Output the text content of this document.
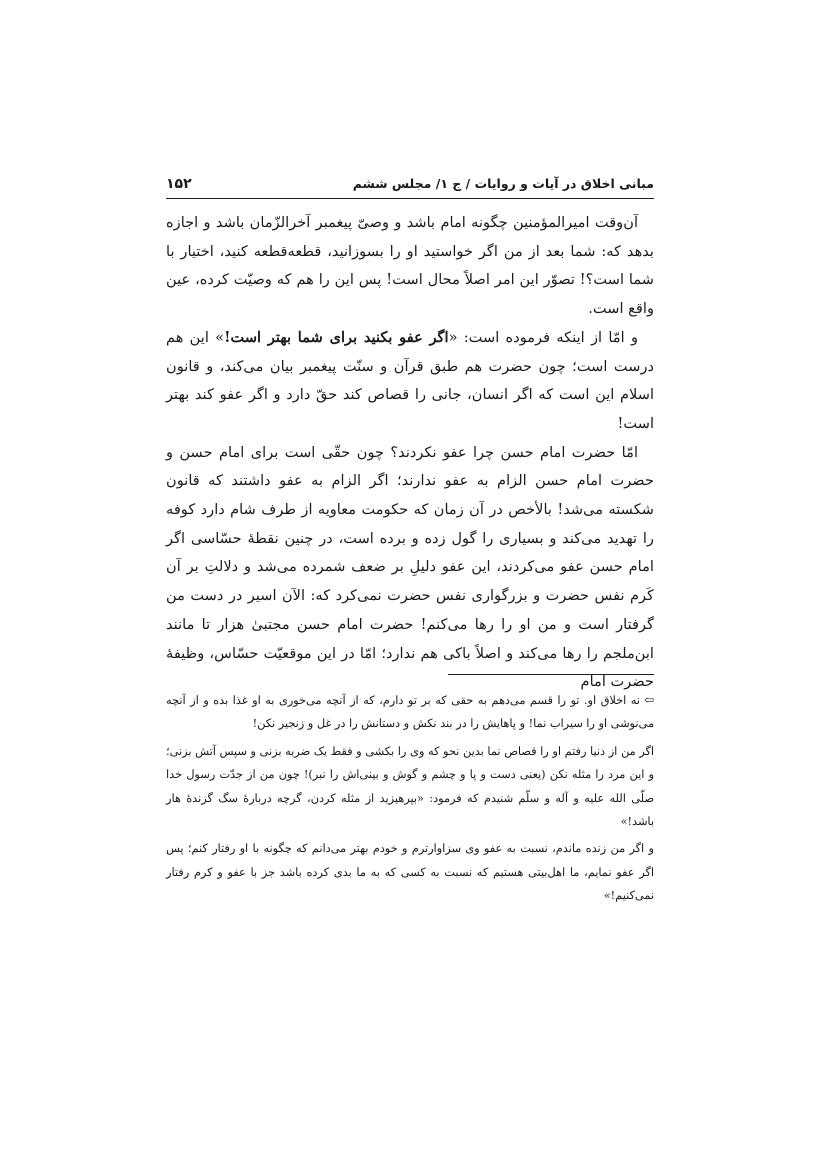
۱۵۲	مبانی اخلاق در آیات و روایات / ج ۱/ مجلس ششم

آن‌وقت امیرالمؤمنین چگونه امام باشد و وصیّ پیغمبر آخرالزّمان باشد و اجازه بدهد که: شما بعد از من اگر خواستید او را بسوزانید، قطعه‌قطعه کنید، اختیار با شما است؟! تصوّر این امر اصلاً محال است! پس این را هم که وصیّت کرده، عین واقع است.

و امّا از اینکه فرموده است: «اگر عفو بکنید برای شما بهتر است!» این هم درست است؛ چون حضرت هم طبق قرآن و سنّت پیغمبر بیان می‌کند، و قانون اسلام این است که اگر انسان، جانی را قصاص کند حقّ دارد و اگر عفو کند بهتر است!

امّا حضرت امام حسن چرا عفو نکردند؟ چون حقّی است برای امام حسن و حضرت امام حسن الزام به عفو ندارند؛ اگر الزام به عفو داشتند که قانون شکسته می‌شد! بالأخص در آن زمان که حکومت معاویه از طرف شام دارد کوفه را تهدید می‌کند و بسیاری را گول زده و برده است، در چنین نقطهٔ حسّاسی اگر امام حسن عفو می‌کردند، این عفو دلیلِ بر ضعف شمرده می‌شد و دلالتِ بر آن کَرم نفس حضرت و بزرگواری نفس حضرت نمی‌کرد که: الآن اسیر در دست من گرفتار است و من او را رها می‌کنم! حضرت امام حسن مجتبیٰ هزار تا مانند ابن‌ملجم را رها می‌کند و اصلاً باکی هم ندارد؛ امّا در این موقعیّت حسّاس، وظیفهٔ حضرت امام

⇦نه اخلاق او. تو را قسم می‌دهم به حقی که بر تو دارم، که از آنچه می‌خوری به او غذا بده و از آنچه می‌نوشی او را سیراب نما! و پاهایش را در بند نکش و دستانش را در غل و زنجیر نکن!

اگر من از دنیا رفتم او را قصاص نما بدین نحو که وی را بکشی و فقط یک ضربه بزنی و سپس آتش بزنی؛ و این مرد را مثله نکن (یعنی دست و پا و چشم و گوش و بینی‌اش را نبر)! چون من از جدّت رسول خدا صلّی الله علیه و آله و سلّم شنیدم که فرمود: «بپرهیزید از مثله کردن، گرچه دربارهٔ سگ گزندهٔ هار باشد!»

و اگر من زنده ماندم، نسبت به عفو وی سزاوارترم و خودم بهتر می‌دانم که چگونه با او رفتار کنم؛ پس اگر عفو نمایم، ما اهل‌بیتی هستیم که نسبت به کسی که به ما بدی کرده باشد جز با عفو و کرم رفتار نمی‌کنیم!»
